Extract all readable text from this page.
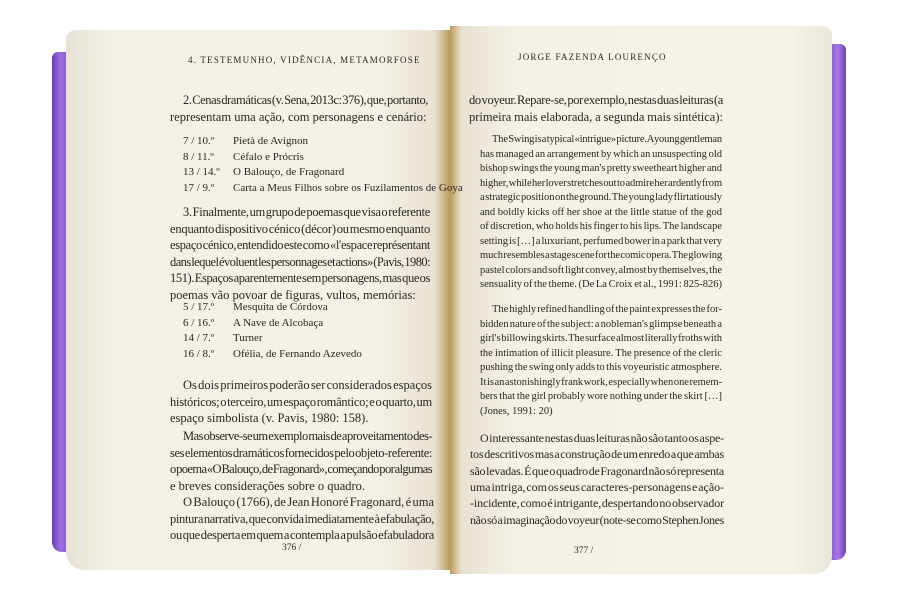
4. TESTEMUNHO, VIDÊNCIA, METAMORFOSE	JORGE FAZENDA LOURENÇO
376 /	377 /
2. Cenas dramáticas (v. Sena, 2013c: 376), que, portanto,
representam uma ação, com personagens e cenário:
7 / 10.º Pietà de Avignon
8 / 11.º Céfalo e Prócris
13 / 14.º O Balouço, de Fragonard
17 / 9.º Carta a Meus Filhos sobre os Fuzilamentos de Goya
3. Finalmente, um grupo de poemas que visa o referente
enquanto dispositivo cénico (décor) ou mesmo enquanto
espaço cénico, entendido este como «l'espace représentant
dans lequel évoluent les personnages et actions» (Pavis, 1980:
151). Espaços aparentemente sem personagens, mas que os
poemas vão povoar de figuras, vultos, memórias:
5 / 17.º Mesquita de Córdova
6 / 16.º A Nave de Alcobaça
14 / 7.º Turner
16 / 8.º Ofélia, de Fernando Azevedo
Os dois primeiros poderão ser considerados espaços
históricos; o terceiro, um espaço romântico; e o quarto, um
espaço simbolista (v. Pavis, 1980: 158).
Mas observe-se um exemplo mais de aproveitamento des-
ses elementos dramáticos fornecidos pelo objeto-referente:
o poema «O Balouço, de Fragonard», começando por algumas
e breves considerações sobre o quadro.
O Balouço (1766), de Jean Honoré Fragonard, é uma
pintura narrativa, que convida imediatamente à efabulação,
ou que desperta em quem a contempla a pulsão efabuladora
do voyeur. Repare-se, por exemplo, nestas duas leituras (a
primeira mais elaborada, a segunda mais sintética):
The Swing is a typical «intrigue» picture. A young gentleman
has managed an arrangement by which an unsuspecting old
bishop swings the young man's pretty sweetheart higher and
higher, while her lover stretches out to admire her ardently from
a strategic position on the ground. The young lady flirtatiously
and boldly kicks off her shoe at the little statue of the god
of discretion, who holds his finger to his lips. The landscape
setting is […] a luxuriant, perfumed bower in a park that very
much resembles a stage scene for the comic opera. The glowing
pastel colors and soft light convey, almost by themselves, the
sensuality of the theme. (De La Croix et al., 1991: 825-826)
The highly refined handling of the paint expresses the for-
bidden nature of the subject: a nobleman's glimpse beneath a
girl's billowing skirts. The surface almost literally froths with
the intimation of illicit pleasure. The presence of the cleric
pushing the swing only adds to this voyeuristic atmosphere.
It is an astonishingly frank work, especially when one remem-
bers that the girl probably wore nothing under the skirt […]
(Jones, 1991: 20)
O interessante nestas duas leituras não são tanto os aspe-
tos descritivos mas a construção de um enredo a que ambas
são levadas. É que o quadro de Fragonard não só representa
uma intriga, com os seus caracteres-personagens e ação-
-incidente, como é intrigante, despertando no observador
não só a imaginação do voyeur (note-se como Stephen Jones
